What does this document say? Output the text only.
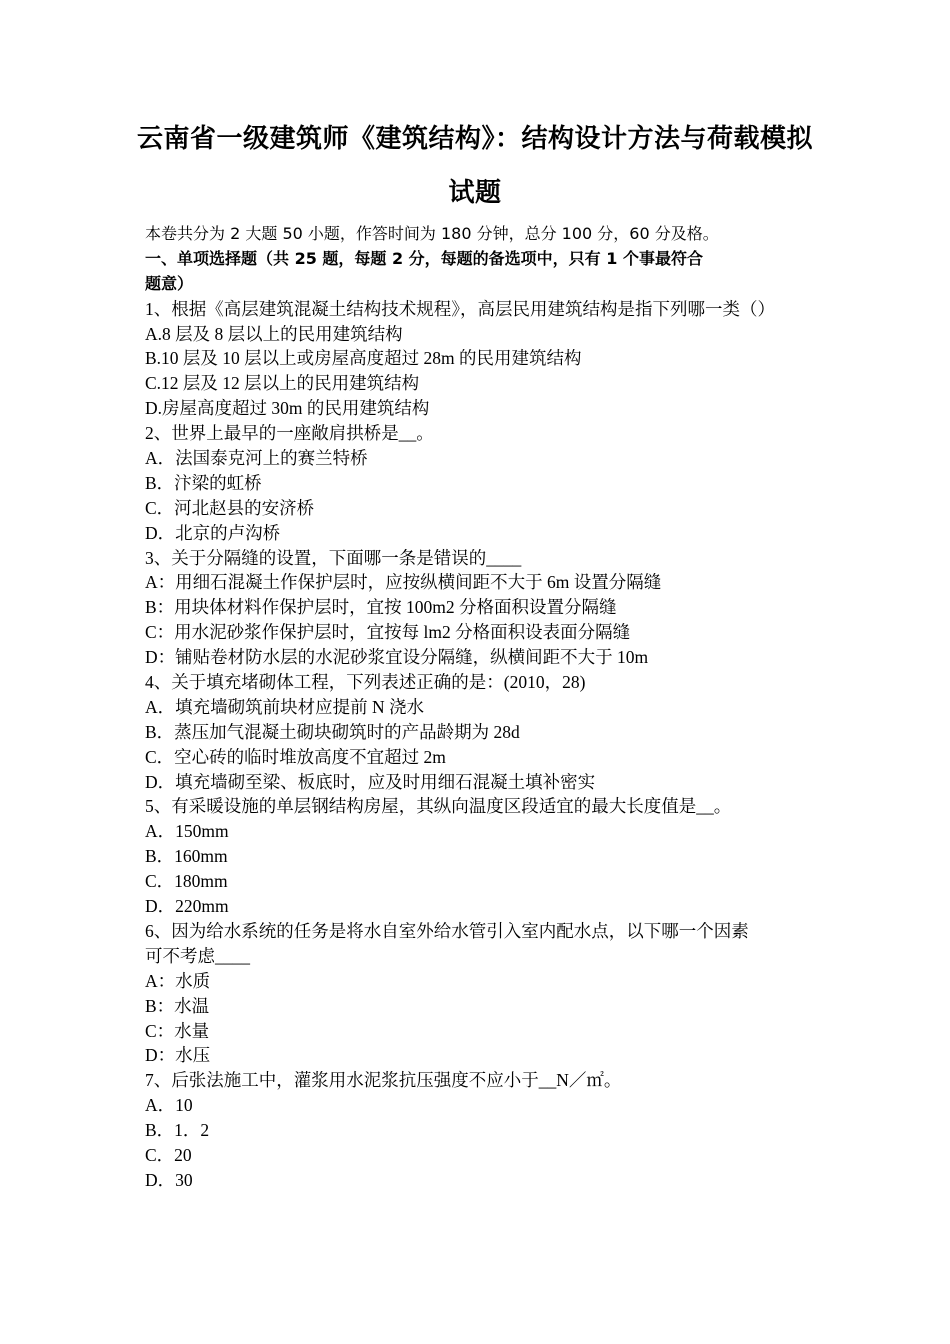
云南省一级建筑师《建筑结构》：结构设计方法与荷载模拟
试题
本卷共分为 2 大题 50 小题，作答时间为 180 分钟，总分 100 分，60 分及格。
一、单项选择题（共 25 题，每题 2 分，每题的备选项中，只有 1 个事最符合
题意）
1、根据《高层建筑混凝土结构技术规程》，高层民用建筑结构是指下列哪一类（）
A.8 层及 8 层以上的民用建筑结构
B.10 层及 10 层以上或房屋高度超过 28m 的民用建筑结构
C.12 层及 12 层以上的民用建筑结构
D.房屋高度超过 30m 的民用建筑结构
2、世界上最早的一座敞肩拱桥是__。
A．法国泰克河上的赛兰特桥
B．汴梁的虹桥
C．河北赵县的安济桥
D．北京的卢沟桥
3、关于分隔缝的设置，下面哪一条是错误的____
A：用细石混凝土作保护层时，应按纵横间距不大于 6m 设置分隔缝
B：用块体材料作保护层时，宜按 100m2 分格面积设置分隔缝
C：用水泥砂浆作保护层时，宜按每 lm2 分格面积设表面分隔缝
D：铺贴卷材防水层的水泥砂浆宜设分隔缝，纵横间距不大于 10m
4、关于填充堵砌体工程，下列表述正确的是：(2010，28)
A．填充墙砌筑前块材应提前 N 浇水
B．蒸压加气混凝土砌块砌筑时的产品龄期为 28d
C．空心砖的临时堆放高度不宜超过 2m
D．填充墙砌至梁、板底时，应及时用细石混凝土填补密实
5、有采暖设施的单层钢结构房屋，其纵向温度区段适宜的最大长度值是__。
A．150mm
B．160mm
C．180mm
D．220mm
6、因为给水系统的任务是将水自室外给水管引入室内配水点，以下哪一个因素
可不考虑____
A：水质
B：水温
C：水量
D：水压
7、后张法施工中，灌浆用水泥浆抗压强度不应小于__N／㎡。
A．10
B．1．2
C．20
D．30
